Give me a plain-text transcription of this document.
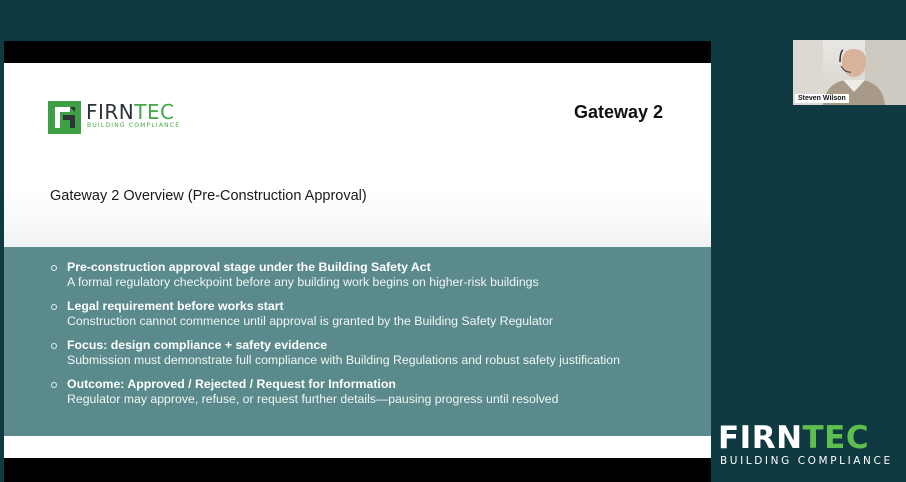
FIRNTEC
BUILDING COMPLIANCE
Gateway 2
Gateway 2 Overview (Pre-Construction Approval)
Pre-construction approval stage under the Building Safety Act
A formal regulatory checkpoint before any building work begins on higher-risk buildings
Legal requirement before works start
Construction cannot commence until approval is granted by the Building Safety Regulator
Focus: design compliance + safety evidence
Submission must demonstrate full compliance with Building Regulations and robust safety justification
Outcome: Approved / Rejected / Request for Information
Regulator may approve, refuse, or request further details—pausing progress until resolved
Steven Wilson
FIRNTEC
BUILDING COMPLIANCE
